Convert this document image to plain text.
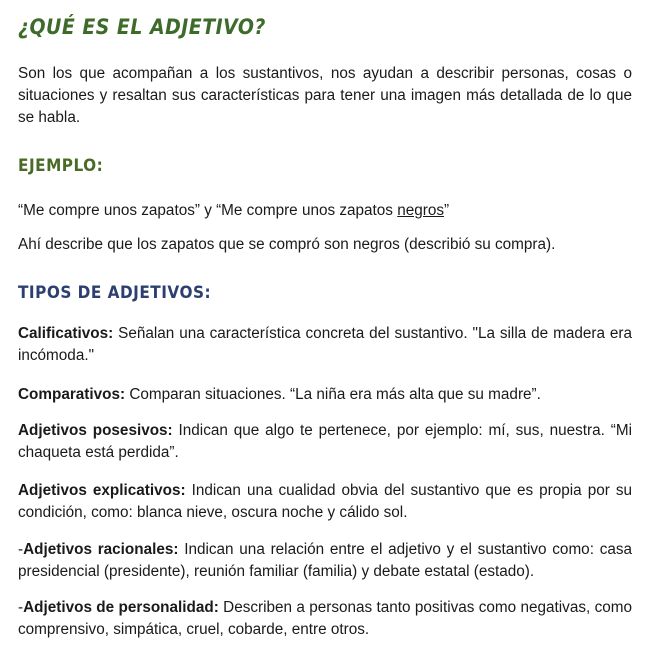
¿QUÉ ES EL ADJETIVO?

Son los que acompañan a los sustantivos, nos ayudan a describir personas, cosas o situaciones y resaltan sus características para tener una imagen más detallada de lo que se habla.

EJEMPLO:

“Me compre unos zapatos” y “Me compre unos zapatos negros”

Ahí describe que los zapatos que se compró son negros (describió su compra).

TIPOS DE ADJETIVOS:

Calificativos: Señalan una característica concreta del sustantivo. "La silla de madera era incómoda."

Comparativos: Comparan situaciones. “La niña era más alta que su madre”.

Adjetivos posesivos: Indican que algo te pertenece, por ejemplo: mí, sus, nuestra. “Mi chaqueta está perdida”.

Adjetivos explicativos: Indican una cualidad obvia del sustantivo que es propia por su condición, como: blanca nieve, oscura noche y cálido sol.

-Adjetivos racionales: Indican una relación entre el adjetivo y el sustantivo como: casa presidencial (presidente), reunión familiar (familia) y debate estatal (estado).

-Adjetivos de personalidad: Describen a personas tanto positivas como negativas, como comprensivo, simpática, cruel, cobarde, entre otros.
